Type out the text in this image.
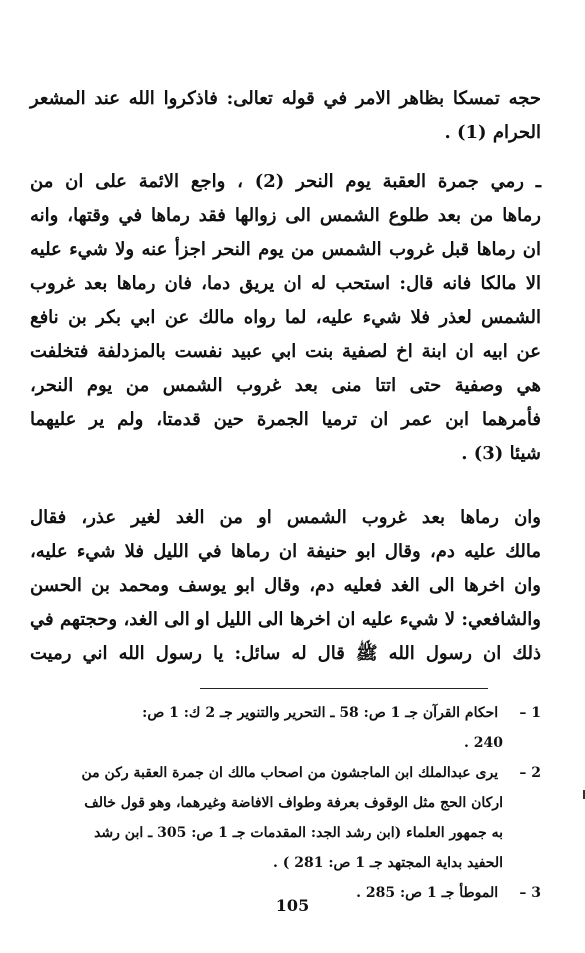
حجه تمسكا بظاهر الامر في قوله تعالى: فاذكروا الله عند المشعر
الحرام (1) .
ـ رمي جمرة العقبة يوم النحر (2) ، واجع الائمة على ان من
رماها من بعد طلوع الشمس الى زوالها فقد رماها في وقتها، وانه
ان رماها قبل غروب الشمس من يوم النحر اجزأ عنه ولا شيء عليه
الا مالكا فانه قال: استحب له ان يريق دما، فان رماها بعد غروب
الشمس لعذر فلا شيء عليه، لما رواه مالك عن ابي بكر بن نافع
عن ابيه ان ابنة اخ لصفية بنت ابي عبيد نفست بالمزدلفة فتخلفت
هي وصفية حتى اتتا منى بعد غروب الشمس من يوم النحر،
فأمرهما ابن عمر ان ترميا الجمرة حين قدمتا، ولم ير عليهما
شيئا (3) .
وان رماها بعد غروب الشمس او من الغد لغير عذر، فقال
مالك عليه دم، وقال ابو حنيفة ان رماها في الليل فلا شيء عليه،
وان اخرها الى الغد فعليه دم، وقال ابو يوسف ومحمد بن الحسن
والشافعي: لا شيء عليه ان اخرها الى الليل او الى الغد، وحجتهم في
ذلك ان رسول الله ﷺ قال له سائل: يا رسول الله اني رميت
1 – احكام القرآن جـ 1 ص: 58 ـ التحرير والتنوير جـ 2 ك: 1 ص:
240 .
2 – يرى عبدالملك ابن الماجشون من اصحاب مالك ان جمرة العقبة ركن من
اركان الحج مثل الوقوف بعرفة وطواف الافاضة وغيرهما، وهو قول خالف
به جمهور العلماء (ابن رشد الجد: المقدمات جـ 1 ص: 305 ـ ابن رشد
الحفيد بداية المجتهد جـ 1 ص: 281 ) .
3 – الموطأ جـ 1 ص: 285 .
105
